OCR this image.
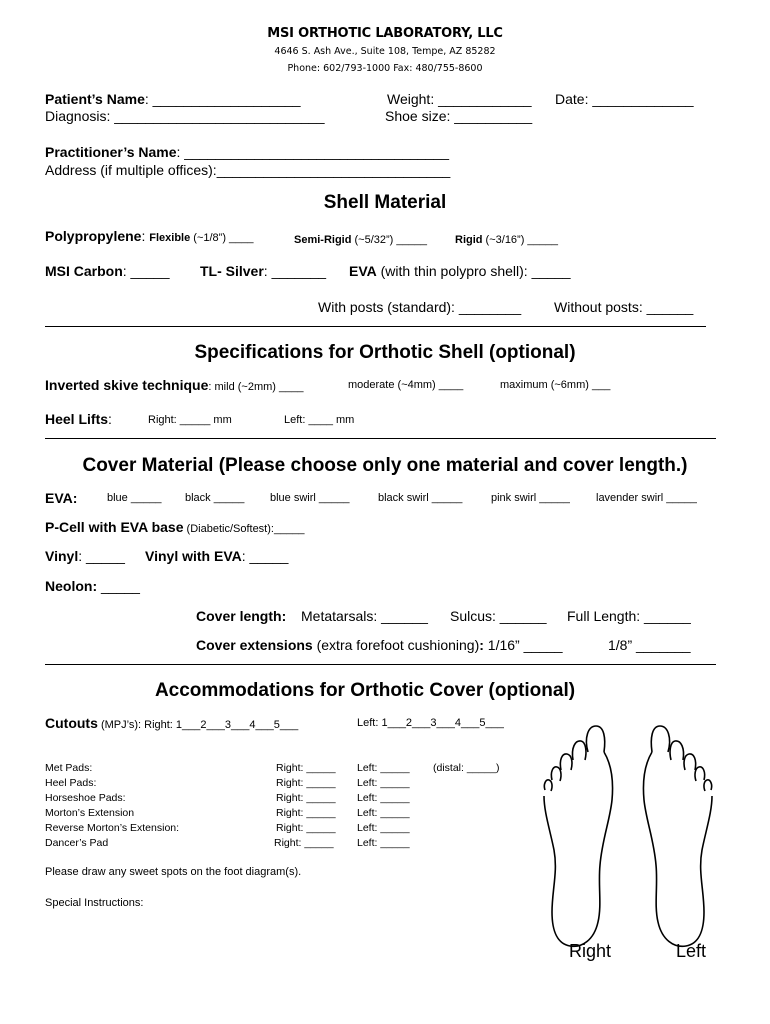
MSI ORTHOTIC LABORATORY, LLC
4646 S. Ash Ave., Suite 108, Tempe, AZ 85282
Phone: 602/793-1000 Fax: 480/755-8600
Patient’s Name: ___________________	Weight: ____________ Date: _____________
Diagnosis: ___________________________	Shoe size: __________
Practitioner’s Name: __________________________________
Address (if multiple offices):______________________________
Shell Material
Polypropylene: Flexible (~1/8”) ____	Semi-Rigid (~5/32”) _____	Rigid (~3/16”) _____
MSI Carbon: _____ TL- Silver: _______ EVA (with thin polypro shell): _____
With posts (standard): ________ Without posts: ______
Specifications for Orthotic Shell (optional)
Inverted skive technique: mild (~2mm) ____	moderate (~4mm) ____	maximum (~6mm) ___
Heel Lifts:	Right: _____ mm	Left: ____ mm
Cover Material (Please choose only one material and cover length.)
EVA:	blue _____ black _____ blue swirl _____	black swirl _____	pink swirl _____ lavender swirl _____
P-Cell with EVA base (Diabetic/Softest):_____
Vinyl: _____ Vinyl with EVA: _____
Neolon: _____
Cover length: Metatarsals: ______ Sulcus: ______ Full Length: ______
Cover extensions (extra forefoot cushioning): 1/16” _____	1/8” _______
Accommodations for Orthotic Cover (optional)
Cutouts (MPJ’s): Right: 1___2___3___4___5___	Left: 1___2___3___4___5___
Met Pads:	Right: _____ Left: _____ (distal: _____)
Heel Pads:	Right: _____ Left: _____
Horseshoe Pads:	Right: _____ Left: _____
Morton’s Extension	Right: _____ Left: _____
Reverse Morton’s Extension:	Right: _____ Left: _____
Dancer’s Pad	Right: _____ Left: _____
Please draw any sweet spots on the foot diagram(s).
Special Instructions:
Right	Left
